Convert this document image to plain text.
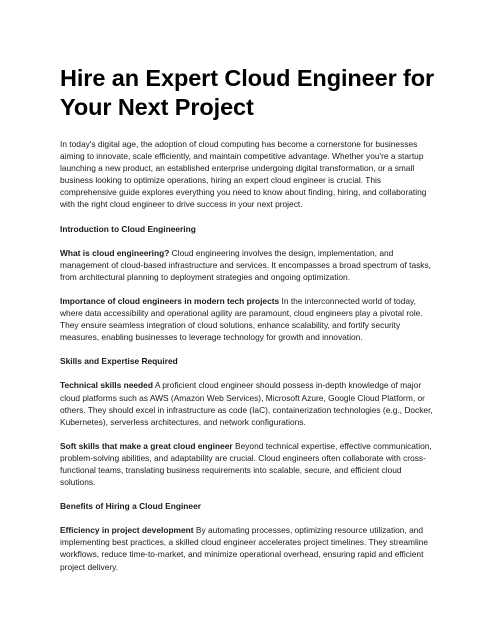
Hire an Expert Cloud Engineer for Your Next Project

In today's digital age, the adoption of cloud computing has become a cornerstone for businesses aiming to innovate, scale efficiently, and maintain competitive advantage. Whether you're a startup launching a new product, an established enterprise undergoing digital transformation, or a small business looking to optimize operations, hiring an expert cloud engineer is crucial. This comprehensive guide explores everything you need to know about finding, hiring, and collaborating with the right cloud engineer to drive success in your next project.

Introduction to Cloud Engineering

What is cloud engineering? Cloud engineering involves the design, implementation, and management of cloud-based infrastructure and services. It encompasses a broad spectrum of tasks, from architectural planning to deployment strategies and ongoing optimization.

Importance of cloud engineers in modern tech projects In the interconnected world of today, where data accessibility and operational agility are paramount, cloud engineers play a pivotal role. They ensure seamless integration of cloud solutions, enhance scalability, and fortify security measures, enabling businesses to leverage technology for growth and innovation.

Skills and Expertise Required

Technical skills needed A proficient cloud engineer should possess in-depth knowledge of major cloud platforms such as AWS (Amazon Web Services), Microsoft Azure, Google Cloud Platform, or others. They should excel in infrastructure as code (IaC), containerization technologies (e.g., Docker, Kubernetes), serverless architectures, and network configurations.

Soft skills that make a great cloud engineer Beyond technical expertise, effective communication, problem-solving abilities, and adaptability are crucial. Cloud engineers often collaborate with cross-functional teams, translating business requirements into scalable, secure, and efficient cloud solutions.

Benefits of Hiring a Cloud Engineer

Efficiency in project development By automating processes, optimizing resource utilization, and implementing best practices, a skilled cloud engineer accelerates project timelines. They streamline workflows, reduce time-to-market, and minimize operational overhead, ensuring rapid and efficient project delivery.
